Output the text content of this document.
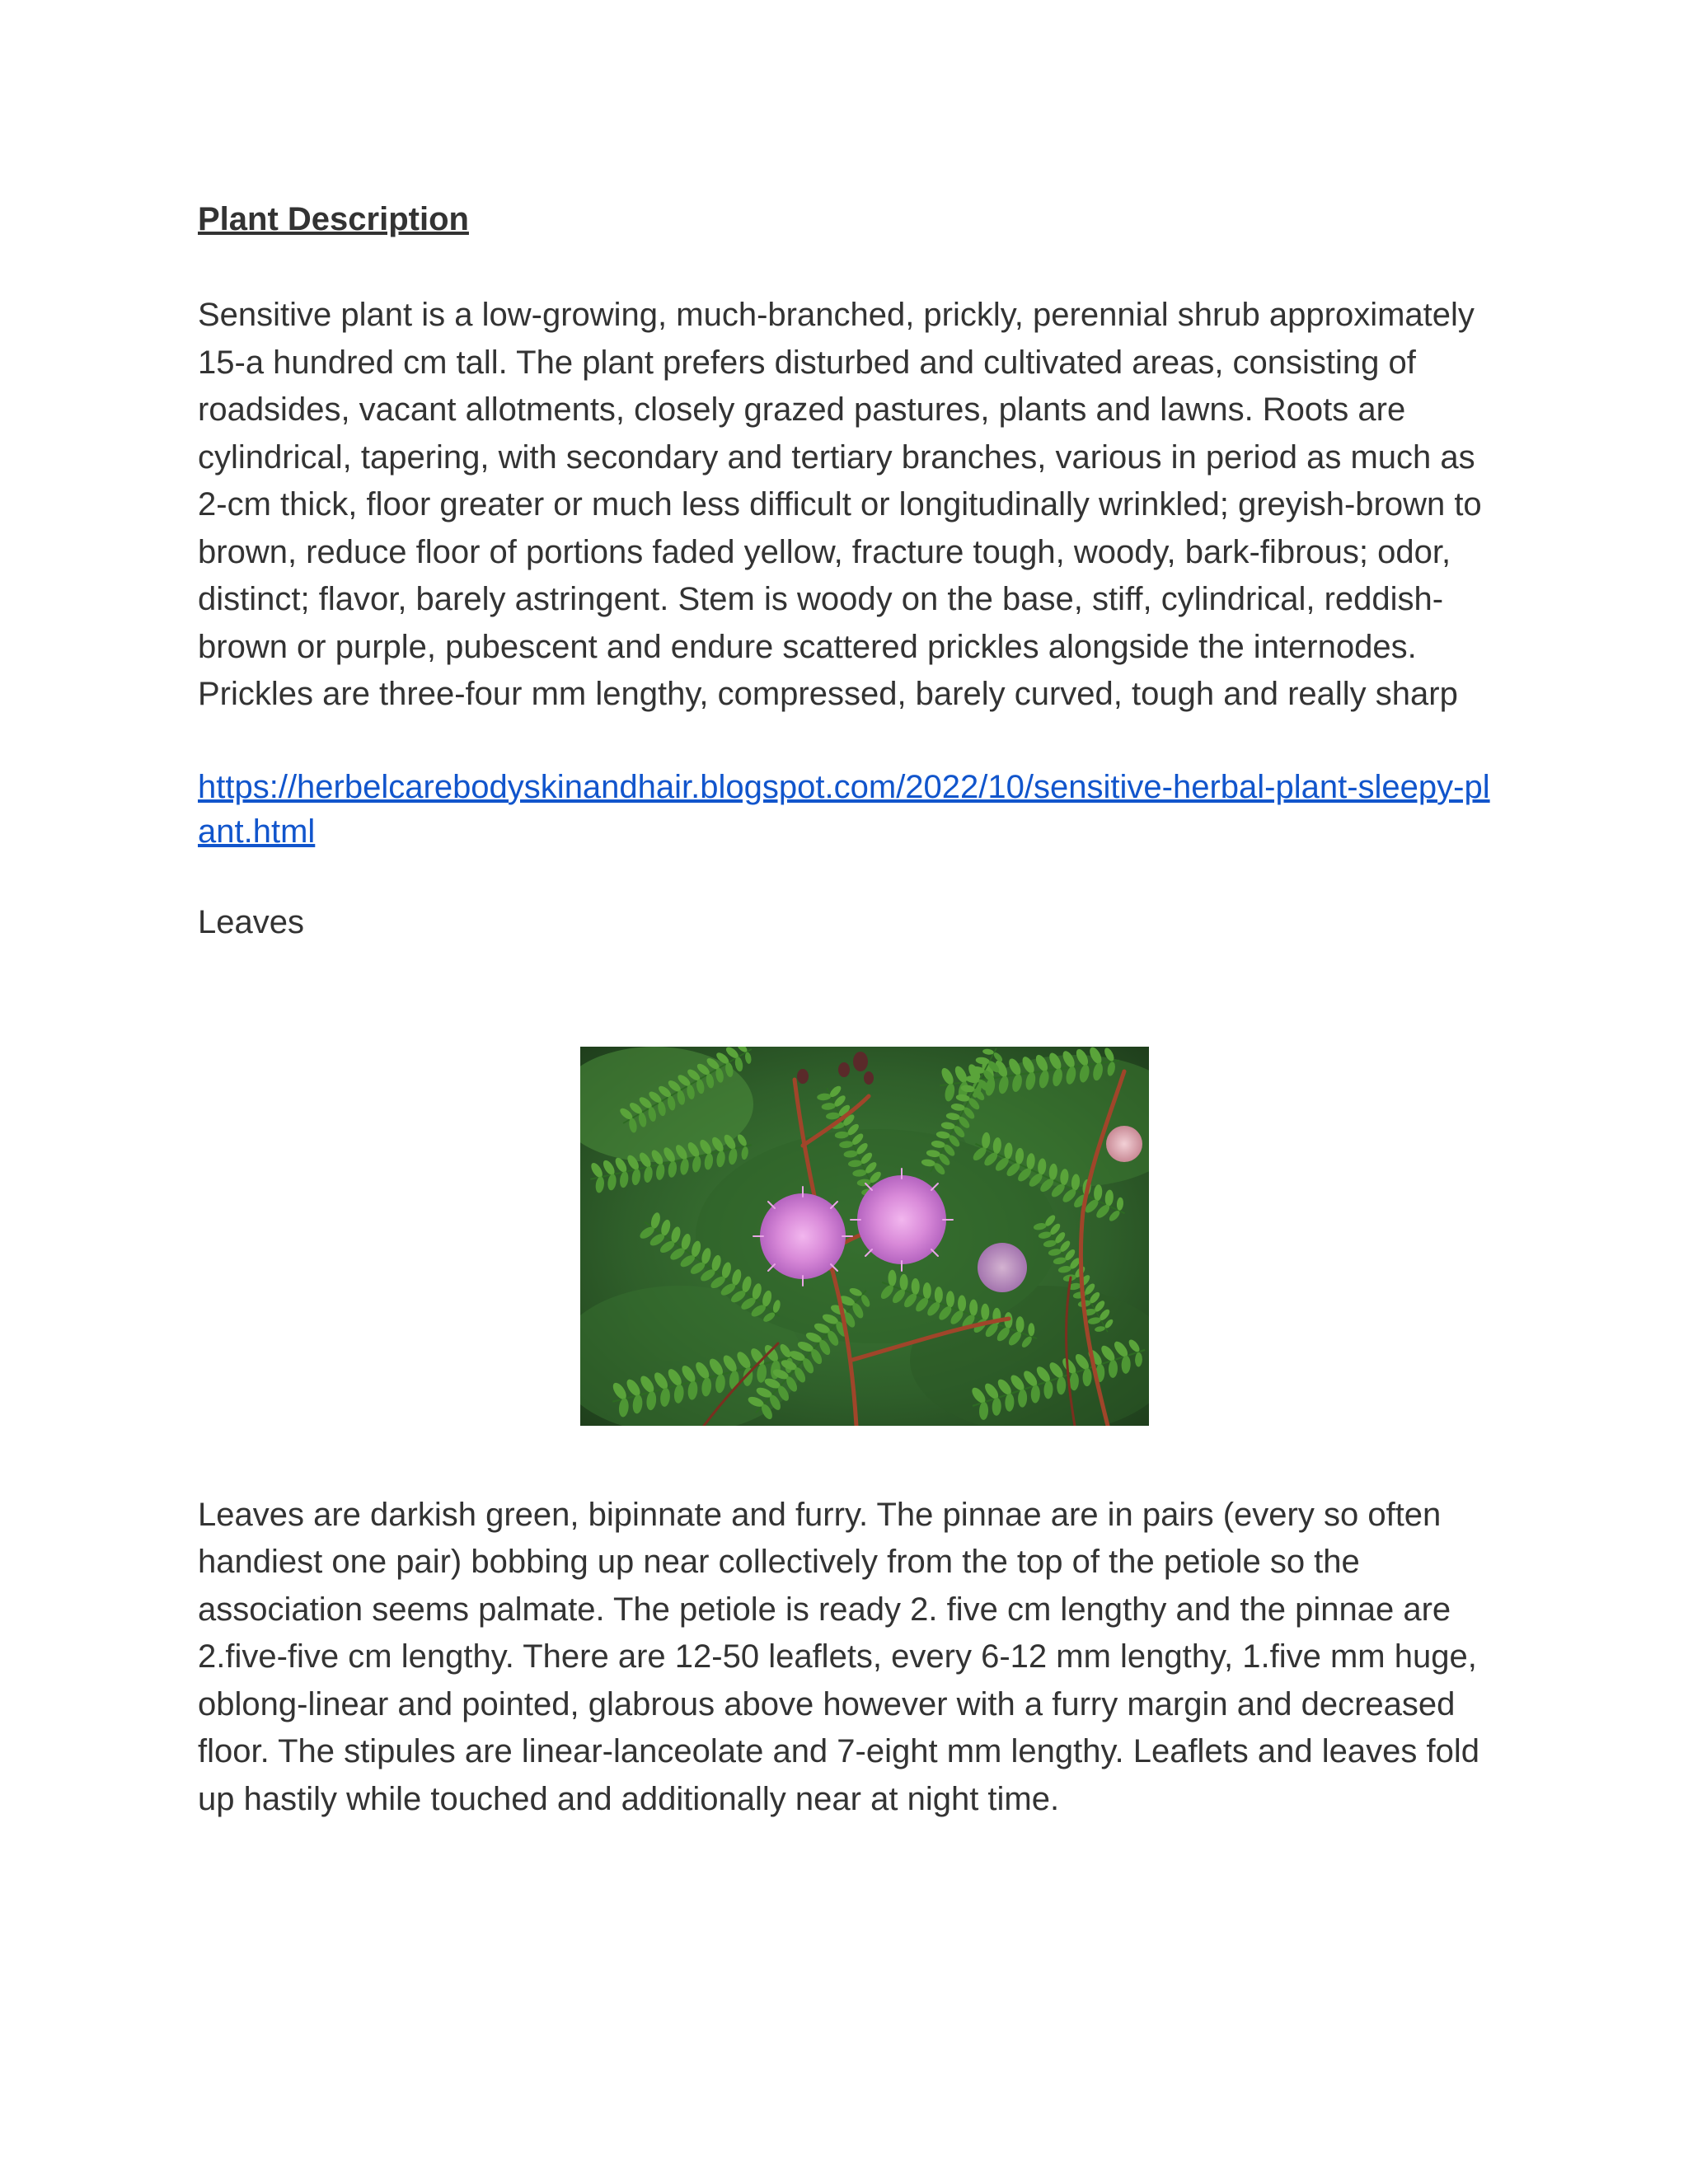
Plant Description

Sensitive plant is a low-growing, much-branched, prickly, perennial shrub approximately 15-a hundred cm tall. The plant prefers disturbed and cultivated areas, consisting of roadsides, vacant allotments, closely grazed pastures, plants and lawns. Roots are cylindrical, tapering, with secondary and tertiary branches, various in period as much as 2-cm thick, floor greater or much less difficult or longitudinally wrinkled; greyish-brown to brown, reduce floor of portions faded yellow, fracture tough, woody, bark-fibrous; odor, distinct; flavor, barely astringent. Stem is woody on the base, stiff, cylindrical, reddish-brown or purple, pubescent and endure scattered prickles alongside the internodes. Prickles are three-four mm lengthy, compressed, barely curved, tough and really sharp

https://herbelcarebodyskinandhair.blogspot.com/2022/10/sensitive-herbal-plant-sleepy-plant.html

Leaves

Leaves are darkish green, bipinnate and furry. The pinnae are in pairs (every so often handiest one pair) bobbing up near collectively from the top of the petiole so the association seems palmate. The petiole is ready 2. five cm lengthy and the pinnae are 2.five-five cm lengthy. There are 12-50 leaflets, every 6-12 mm lengthy, 1.five mm huge, oblong-linear and pointed, glabrous above however with a furry margin and decreased floor. The stipules are linear-lanceolate and 7-eight mm lengthy. Leaflets and leaves fold up hastily while touched and additionally near at night time.
